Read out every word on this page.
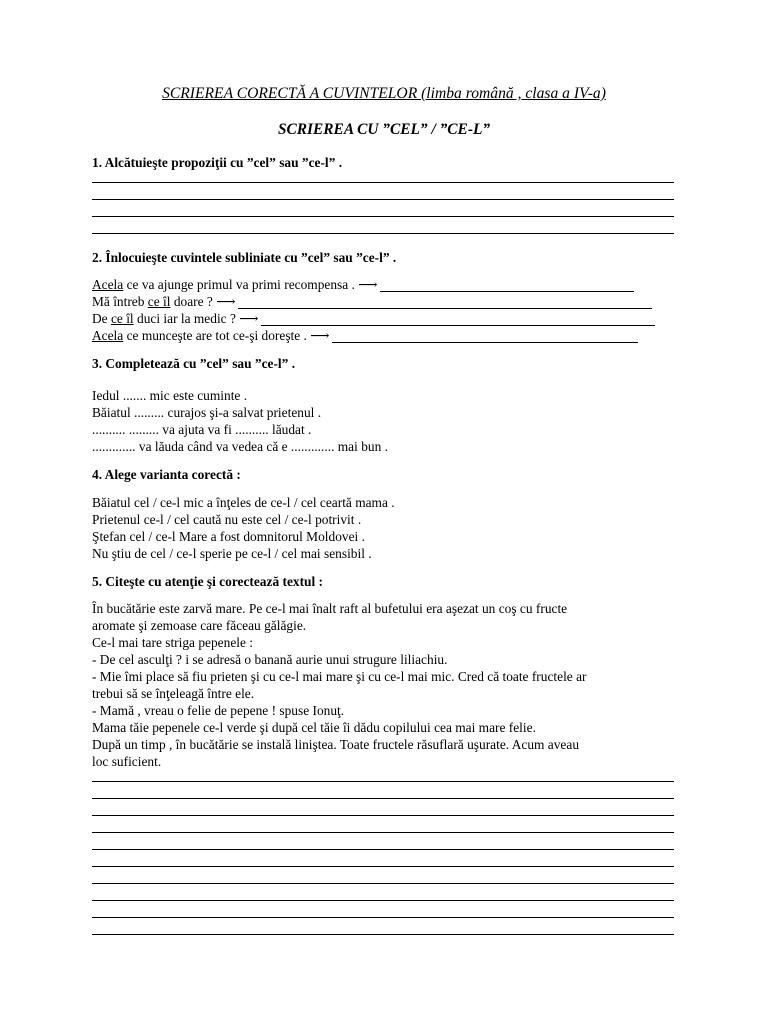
SCRIEREA CORECTĂ A CUVINTELOR (limba română , clasa a IV-a)
SCRIEREA CU ”CEL” / ”CE-L”
1. Alcătuieşte propoziţii cu ”cel” sau ”ce-l” .
2. Înlocuieşte cuvintele subliniate cu ”cel” sau ”ce-l” .
Acela ce va ajunge primul va primi recompensa . ⟶
Mă întreb ce îl doare ? ⟶
De ce îl duci iar la medic ? ⟶
Acela ce munceşte are tot ce-şi doreşte . ⟶
3. Completează cu ”cel” sau ”ce-l” .
Iedul ....... mic este cuminte .
Băiatul ......... curajos şi-a salvat prietenul .
.......... ......... va ajuta va fi .......... lăudat .
............. va lăuda când va vedea că e ............. mai bun .
4. Alege varianta corectă :
Băiatul cel / ce-l mic a înţeles de ce-l / cel ceartă mama .
Prietenul ce-l / cel caută nu este cel / ce-l potrivit .
Ştefan cel / ce-l Mare a fost domnitorul Moldovei .
Nu ştiu de cel / ce-l sperie pe ce-l / cel mai sensibil .
5. Citeşte cu atenţie şi corectează textul :
În bucătărie este zarvă mare. Pe ce-l mai înalt raft al bufetului era aşezat un coş cu fructe
aromate şi zemoase care făceau gălăgie.
Ce-l mai tare striga pepenele :
- De cel asculţi ? i se adresă o banană aurie unui strugure liliachiu.
- Mie îmi place să fiu prieten şi cu ce-l mai mare şi cu ce-l mai mic. Cred că toate fructele ar
trebui să se înţeleagă între ele.
- Mamă , vreau o felie de pepene ! spuse Ionuţ.
Mama tăie pepenele ce-l verde şi după cel tăie îi dădu copilului cea mai mare felie.
După un timp , în bucătărie se instală liniştea. Toate fructele răsuflară uşurate. Acum aveau
loc suficient.
